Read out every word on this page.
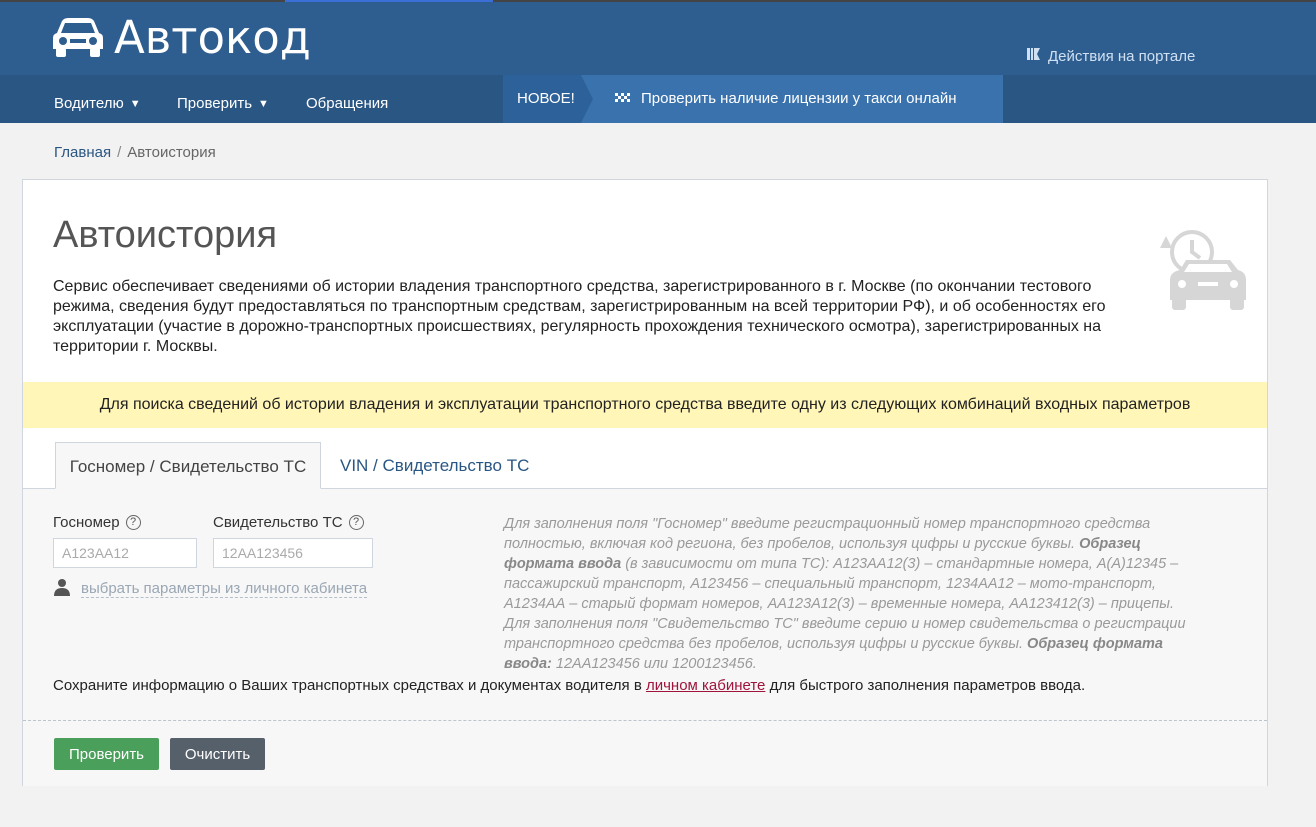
Автокод	Действия на портале
Водителю ▼ Проверить ▼ Обращения	НОВОЕ!	Проверить наличие лицензии у такси онлайн
Главная / Автоистория
Автоистория

Сервис обеспечивает сведениями об истории владения транспортного средства, зарегистрированного в г. Москве (по окончании тестового режима, сведения будут предоставляться по транспортным средствам, зарегистрированным на всей территории РФ), и об особенностях его эксплуатации (участие в дорожно-транспортных происшествиях, регулярность прохождения технического осмотра), зарегистрированных на территории г. Москвы.

Для поиска сведений об истории владения и эксплуатации транспортного средства введите одну из следующих комбинаций входных параметров
Госномер / Свидетельство ТС	VIN / Свидетельство ТС
Госномер ?	Свидетельство ТС ?
А123АА12
12АА123456
выбрать параметры из личного кабинета
Для заполнения поля "Госномер" введите регистрационный номер транспортного средства полностью, включая код региона, без пробелов, используя цифры и русские буквы. Образец формата ввода (в зависимости от типа ТС): А123АА12(3) – стандартные номера, А(А)12345 – пассажирский транспорт, А123456 – специальный транспорт, 1234АА12 – мото-транспорт, А1234АА – старый формат номеров, АА123А12(3) – временные номера, АА123412(3) – прицепы. Для заполнения поля "Свидетельство ТС" введите серию и номер свидетельства о регистрации транспортного средства без пробелов, используя цифры и русские буквы. Образец формата ввода: 12АА123456 или 1200123456.
Сохраните информацию о Ваших транспортных средствах и документах водителя в личном кабинете для быстрого заполнения параметров ввода.
Проверить	Очистить
